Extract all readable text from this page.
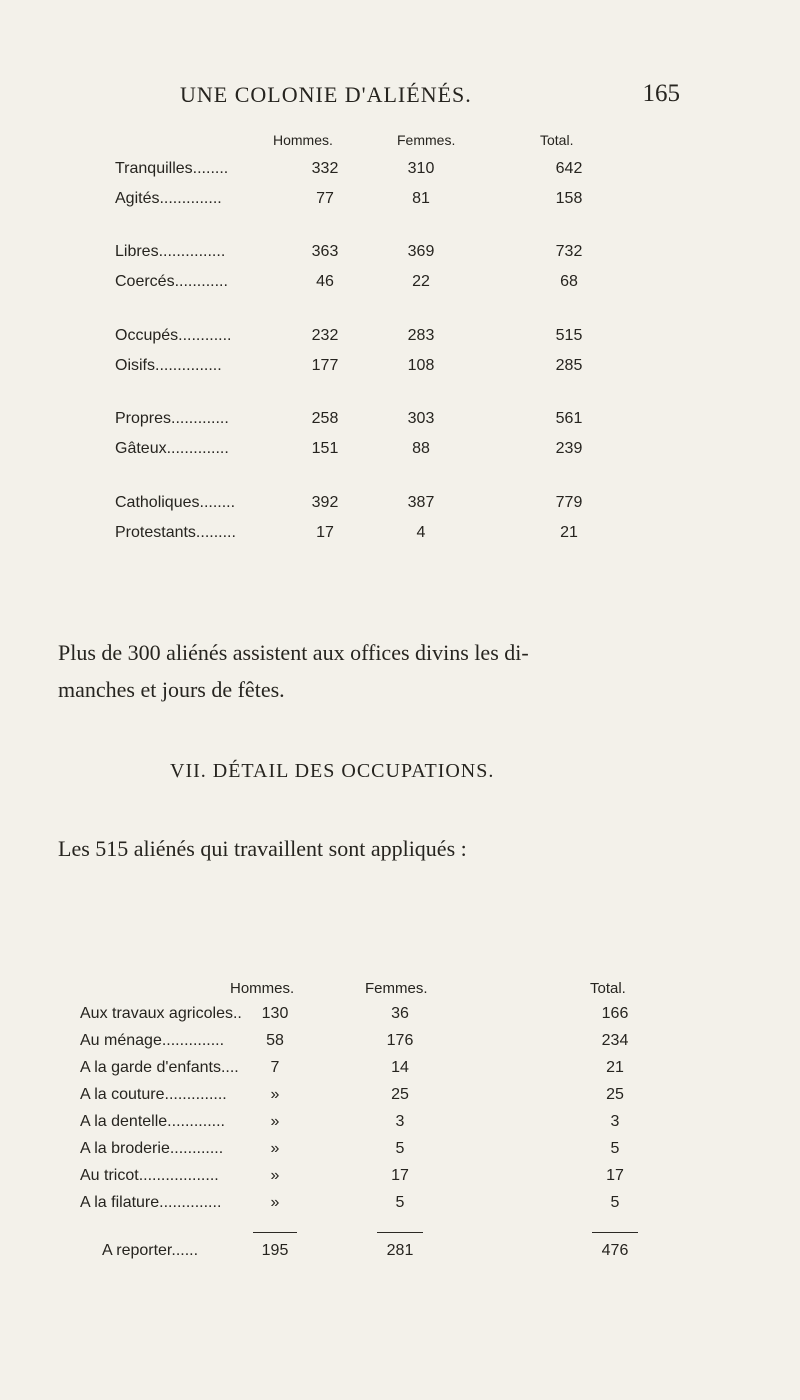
UNE COLONIE D'ALIÉNÉS.	165
Hommes.	Femmes.	Total.
Tranquilles........	332	310	642
Agités..............	77	81	158
Libres...............	363	369	732
Coercés............	46	22	68
Occupés............	232	283	515
Oisifs...............	177	108	285
Propres.............	258	303	561
Gâteux..............	151	88	239
Catholiques........	392	387	779
Protestants.........	17	4	21
Plus de 300 aliénés assistent aux offices divins les di-
manches et jours de fêtes.
VII. DÉTAIL DES OCCUPATIONS.
Les 515 aliénés qui travaillent sont appliqués :
Hommes.	Femmes.	Total.
Aux travaux agricoles..	130	36	166
Au ménage..............	58	176	234
A la garde d'enfants....	7	14	21
A la couture..............	»	25	25
A la dentelle.............	»	3	3
A la broderie............	»	5	5
Au tricot..................	»	17	17
A la filature..............	»	5	5
A reporter......	195	281	476
